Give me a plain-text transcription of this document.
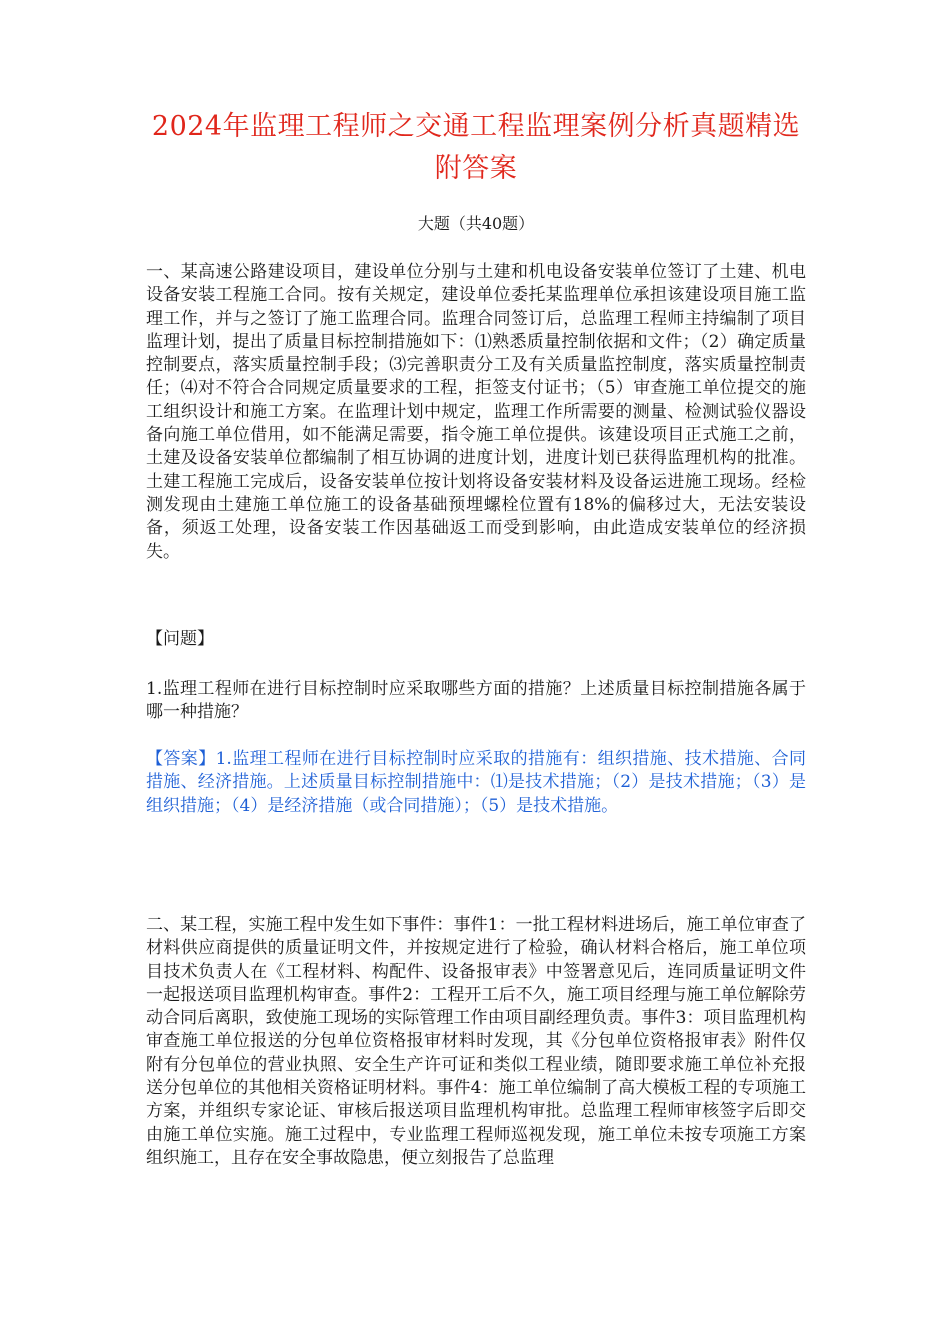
2024年监理工程师之交通工程监理案例分析真题精选附答案
大题（共40题）

一、某高速公路建设项目，建设单位分别与土建和机电设备安装单位签订了土建、机电设备安装工程施工合同。按有关规定，建设单位委托某监理单位承担该建设项目施工监理工作，并与之签订了施工监理合同。监理合同签订后，总监理工程师主持编制了项目监理计划，提出了质量目标控制措施如下：⑴熟悉质量控制依据和文件；（2）确定质量控制要点，落实质量控制手段；⑶完善职责分工及有关质量监控制度，落实质量控制责任；⑷对不符合合同规定质量要求的工程，拒签支付证书；（5）审查施工单位提交的施工组织设计和施工方案。在监理计划中规定，监理工作所需要的测量、检测试验仪器设备向施工单位借用，如不能满足需要，指令施工单位提供。该建设项目正式施工之前，土建及设备安装单位都编制了相互协调的进度计划，进度计划已获得监理机构的批准。土建工程施工完成后，设备安装单位按计划将设备安装材料及设备运进施工现场。经检测发现由土建施工单位施工的设备基础预埋螺栓位置有18%的偏移过大，无法安装设备，须返工处理，设备安装工作因基础返工而受到影响，由此造成安装单位的经济损失。

【问题】

1.监理工程师在进行目标控制时应采取哪些方面的措施？上述质量目标控制措施各属于哪一种措施？

【答案】1.监理工程师在进行目标控制时应采取的措施有：组织措施、技术措施、合同措施、经济措施。上述质量目标控制措施中：⑴是技术措施；（2）是技术措施；（3）是组织措施；（4）是经济措施（或合同措施）；（5）是技术措施。

二、某工程，实施工程中发生如下事件：事件1：一批工程材料进场后，施工单位审查了材料供应商提供的质量证明文件，并按规定进行了检验，确认材料合格后，施工单位项目技术负责人在《工程材料、构配件、设备报审表》中签署意见后，连同质量证明文件一起报送项目监理机构审查。事件2：工程开工后不久，施工项目经理与施工单位解除劳动合同后离职，致使施工现场的实际管理工作由项目副经理负责。事件3：项目监理机构审查施工单位报送的分包单位资格报审材料时发现，其《分包单位资格报审表》附件仅附有分包单位的营业执照、安全生产许可证和类似工程业绩，随即要求施工单位补充报送分包单位的其他相关资格证明材料。事件4：施工单位编制了高大模板工程的专项施工方案，并组织专家论证、审核后报送项目监理机构审批。总监理工程师审核签字后即交由施工单位实施。施工过程中，专业监理工程师巡视发现，施工单位未按专项施工方案组织施工，且存在安全事故隐患，便立刻报告了总监理
